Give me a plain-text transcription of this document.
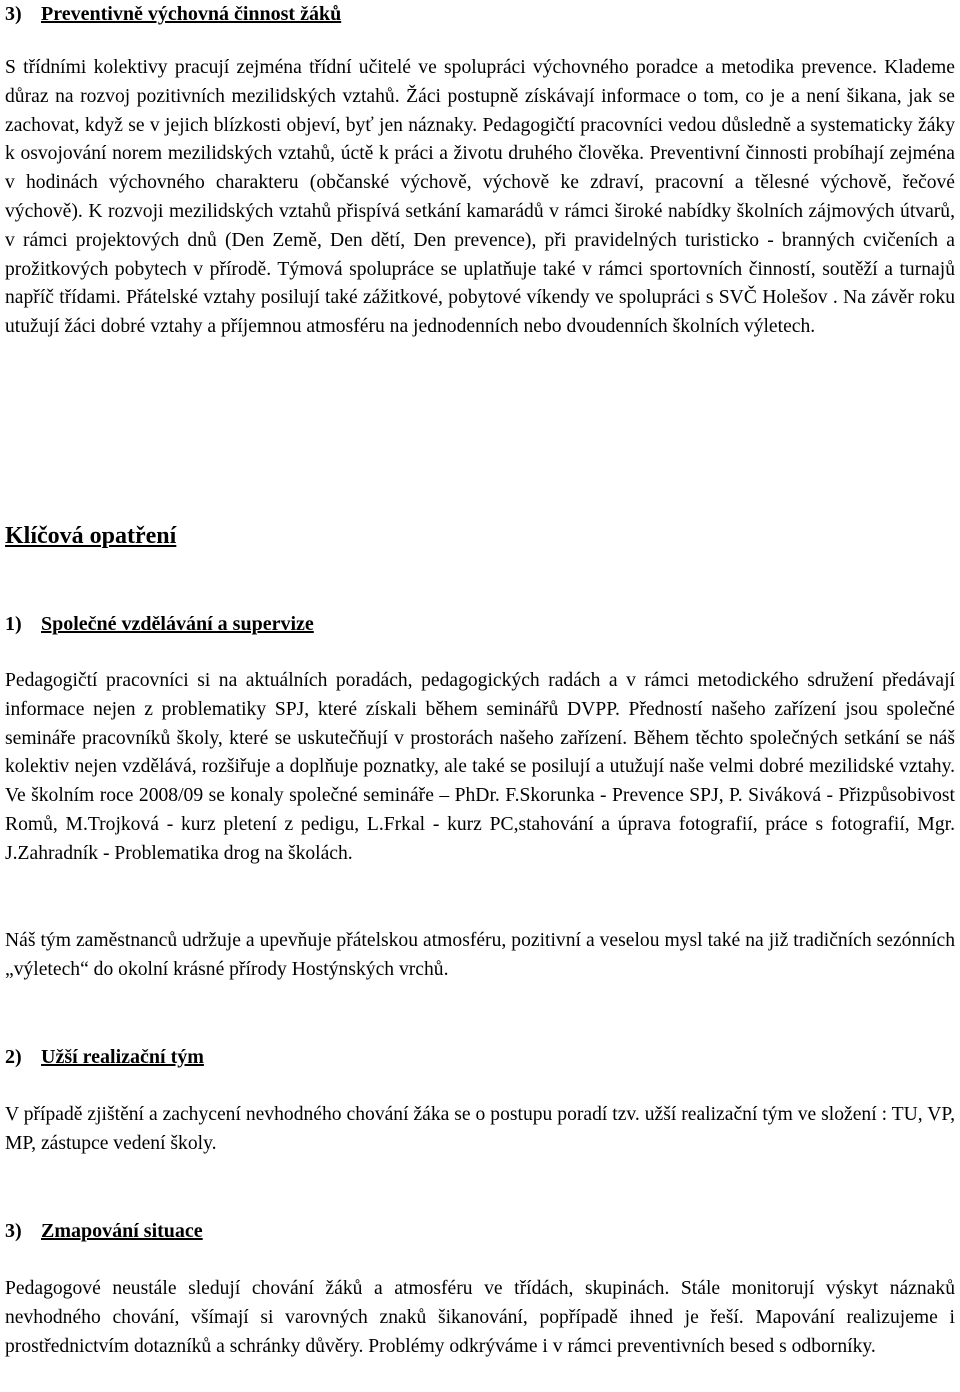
3) Preventivně výchovná činnost žáků

S třídními kolektivy pracují zejména třídní učitelé ve spolupráci výchovného poradce a metodika prevence. Klademe důraz na rozvoj pozitivních mezilidských vztahů. Žáci postupně získávají informace o tom, co je a není šikana, jak se zachovat, když se v jejich blízkosti objeví, byť jen náznaky. Pedagogičtí pracovníci vedou důsledně a systematicky žáky k osvojování norem mezilidských vztahů, úctě k práci a životu druhého člověka. Preventivní činnosti probíhají zejména v hodinách výchovného charakteru (občanské výchově, výchově ke zdraví, pracovní a tělesné výchově, řečové výchově). K rozvoji mezilidských vztahů přispívá setkání kamarádů v rámci široké nabídky školních zájmových útvarů, v rámci projektových dnů (Den Země, Den dětí, Den prevence), při pravidelných turisticko - branných cvičeních a prožitkových pobytech v přírodě. Týmová spolupráce se uplatňuje také v rámci sportovních činností, soutěží a turnajů napříč třídami. Přátelské vztahy posilují také zážitkové, pobytové víkendy ve spolupráci s SVČ Holešov . Na závěr roku utužují žáci dobré vztahy a příjemnou atmosféru na jednodenních nebo dvoudenních školních výletech.

Klíčová opatření
1) Společné vzdělávání a supervize

Pedagogičtí pracovníci si na aktuálních poradách, pedagogických radách a v rámci metodického sdružení předávají informace nejen z problematiky SPJ, které získali během seminářů DVPP. Předností našeho zařízení jsou společné semináře pracovníků školy, které se uskutečňují v prostorách našeho zařízení. Během těchto společných setkání se náš kolektiv nejen vzdělává, rozšiřuje a doplňuje poznatky, ale také se posilují a utužují naše velmi dobré mezilidské vztahy. Ve školním roce 2008/09 se konaly společné semináře – PhDr. F.Skorunka - Prevence SPJ, P. Siváková - Přizpůsobivost Romů, M.Trojková - kurz pletení z pedigu, L.Frkal - kurz PC,stahování a úprava fotografií, práce s fotografií, Mgr. J.Zahradník - Problematika drog na školách.

Náš tým zaměstnanců udržuje a upevňuje přátelskou atmosféru, pozitivní a veselou mysl také na již tradičních sezónních „výletech“ do okolní krásné přírody Hostýnských vrchů.

2) Užší realizační tým

V případě zjištění a zachycení nevhodného chování žáka se o postupu poradí tzv. užší realizační tým ve složení : TU, VP, MP, zástupce vedení školy.

3) Zmapování situace

Pedagogové neustále sledují chování žáků a atmosféru ve třídách, skupinách. Stále monitorují výskyt náznaků nevhodného chování, všímají si varovných znaků šikanování, popřípadě ihned je řeší. Mapování realizujeme i prostřednictvím dotazníků a schránky důvěry. Problémy odkrýváme i v rámci preventivních besed s odborníky.
